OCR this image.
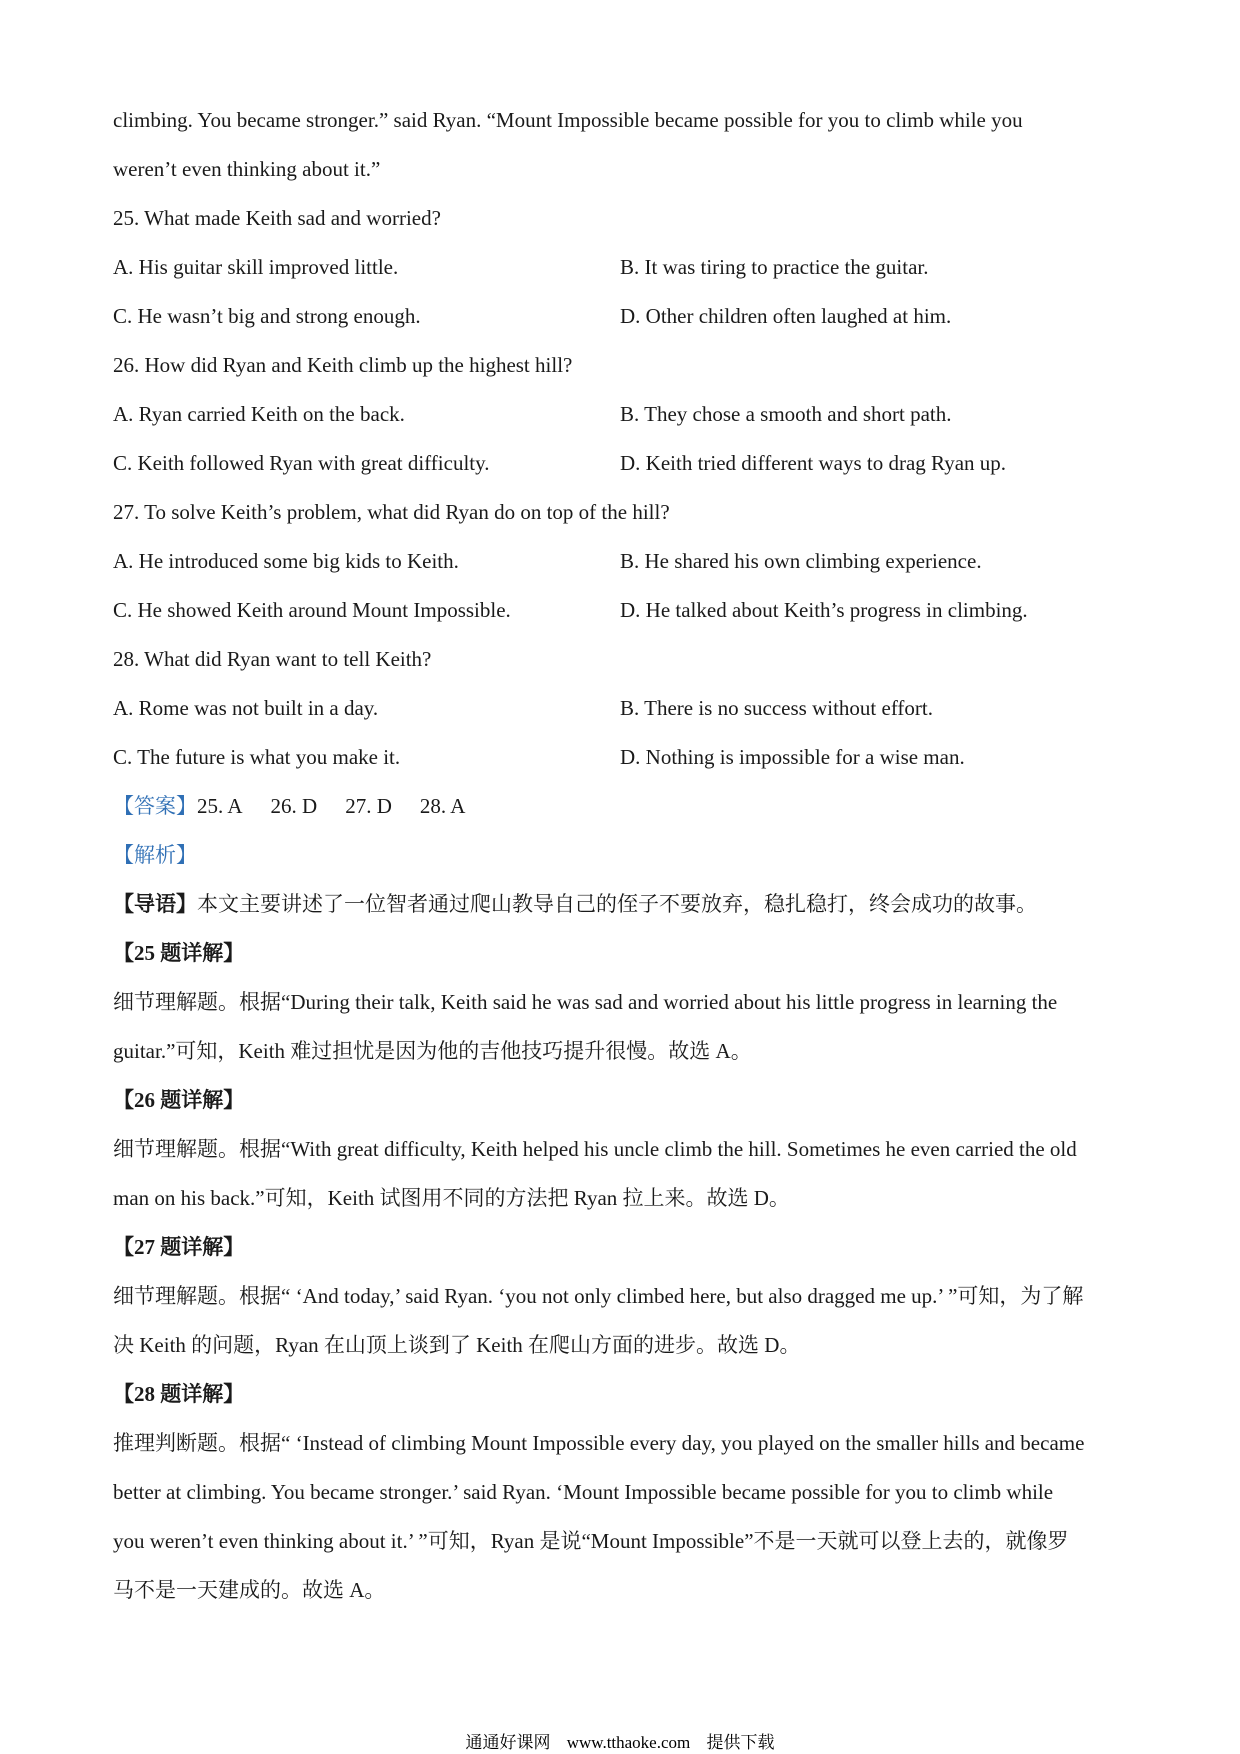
climbing. You became stronger.” said Ryan. “Mount Impossible became possible for you to climb while you
weren’t even thinking about it.”
25. What made Keith sad and worried?
A. His guitar skill improved little.	B. It was tiring to practice the guitar.
C. He wasn’t big and strong enough.	D. Other children often laughed at him.
26. How did Ryan and Keith climb up the highest hill?
A. Ryan carried Keith on the back.	B. They chose a smooth and short path.
C. Keith followed Ryan with great difficulty.	D. Keith tried different ways to drag Ryan up.
27. To solve Keith’s problem, what did Ryan do on top of the hill?
A. He introduced some big kids to Keith.	B. He shared his own climbing experience.
C. He showed Keith around Mount Impossible.	D. He talked about Keith’s progress in climbing.
28. What did Ryan want to tell Keith?
A. Rome was not built in a day.	B. There is no success without effort.
C. The future is what you make it.	D. Nothing is impossible for a wise man.
【答案】25. A 26. D 27. D 28. A
【解析】
【导语】本文主要讲述了一位智者通过爬山教导自己的侄子不要放弃，稳扎稳打，终会成功的故事。
【25 题详解】
细节理解题。根据“During their talk, Keith said he was sad and worried about his little progress in learning the
guitar.”可知，Keith 难过担忧是因为他的吉他技巧提升很慢。故选 A。
【26 题详解】
细节理解题。根据“With great difficulty, Keith helped his uncle climb the hill. Sometimes he even carried the old
man on his back.”可知，Keith 试图用不同的方法把 Ryan 拉上来。故选 D。
【27 题详解】
细节理解题。根据“ ‘And today,’ said Ryan. ‘you not only climbed here, but also dragged me up.’ ”可知，为了解
决 Keith 的问题，Ryan 在山顶上谈到了 Keith 在爬山方面的进步。故选 D。
【28 题详解】
推理判断题。根据“ ‘Instead of climbing Mount Impossible every day, you played on the smaller hills and became
better at climbing. You became stronger.’ said Ryan. ‘Mount Impossible became possible for you to climb while
you weren’t even thinking about it.’ ”可知，Ryan 是说“Mount Impossible”不是一天就可以登上去的，就像罗
马不是一天建成的。故选 A。
通通好课网 www.tthaoke.com 提供下载
